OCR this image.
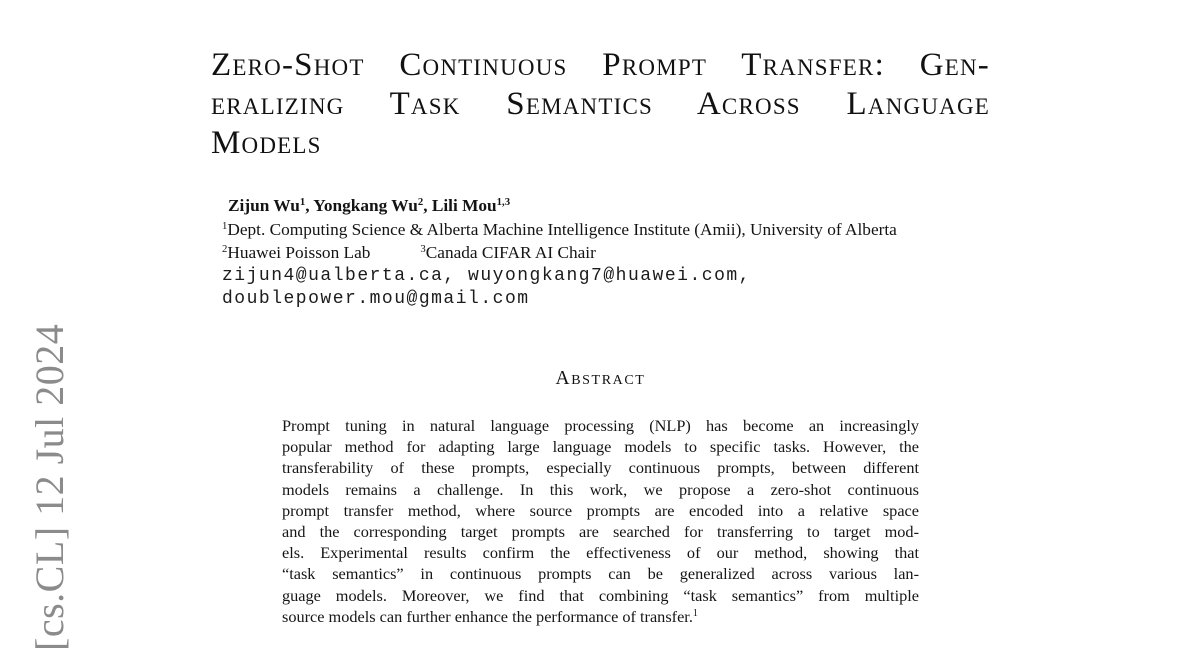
[cs.CL] 12 Jul 2024
Zero-Shot Continuous Prompt Transfer: Gen-
eralizing Task Semantics Across Language
Models
Zijun Wu$^1$, Yongkang Wu$^2$, Lili Mou$^{1,3}$
$^1$Dept. Computing Science & Alberta Machine Intelligence Institute (Amii), University of Alberta
$^2$Huawei Poisson Lab	$^3$Canada CIFAR AI Chair
zijun4@ualberta.ca, wuyongkang7@huawei.com,
doublepower.mou@gmail.com
Abstract
Prompt tuning in natural language processing (NLP) has become an increasingly
popular method for adapting large language models to specific tasks. However, the
transferability of these prompts, especially continuous prompts, between different
models remains a challenge. In this work, we propose a zero-shot continuous
prompt transfer method, where source prompts are encoded into a relative space
and the corresponding target prompts are searched for transferring to target mod-
els. Experimental results confirm the effectiveness of our method, showing that
“task semantics” in continuous prompts can be generalized across various lan-
guage models. Moreover, we find that combining “task semantics” from multiple
source models can further enhance the performance of transfer.$^1$
